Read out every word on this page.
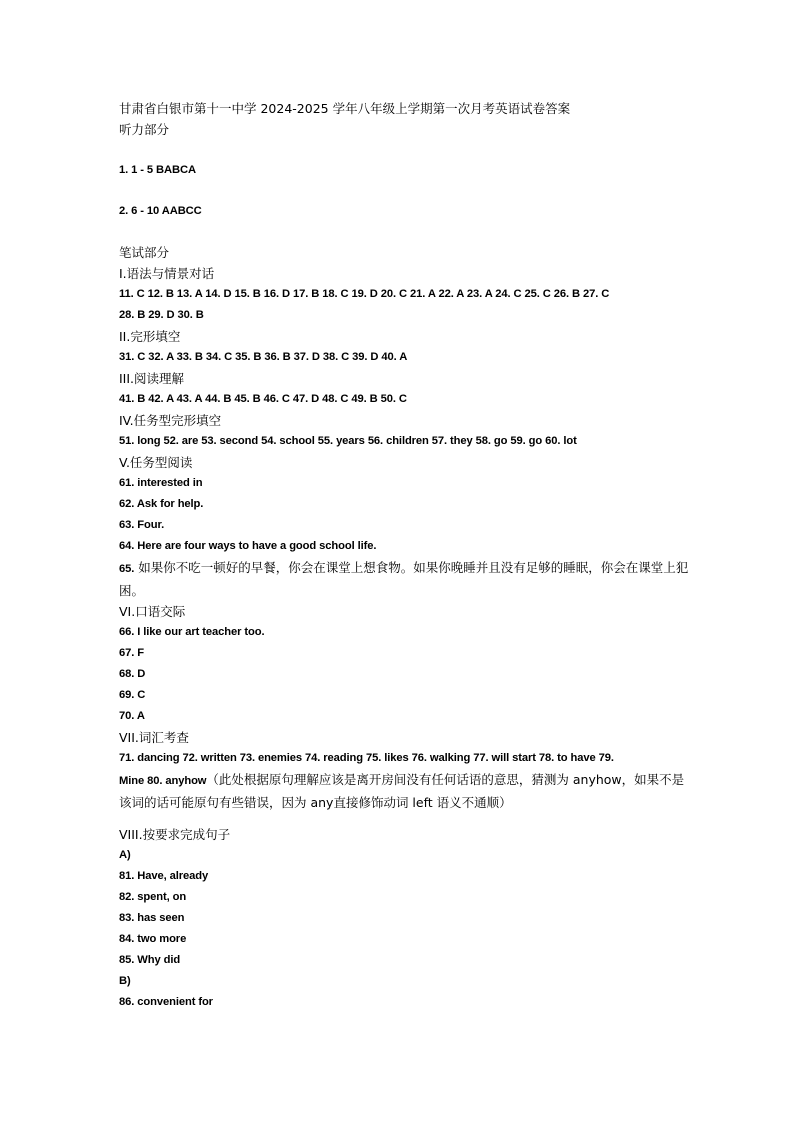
甘肃省白银市第十一中学 2024-2025 学年八年级上学期第一次月考英语试卷答案
听力部分
1. 1 - 5 BABCA
2. 6 - 10 AABCC
笔试部分
I.语法与情景对话
11. C 12. B 13. A 14. D 15. B 16. D 17. B 18. C 19. D 20. C 21. A 22. A 23. A 24. C 25. C 26. B 27. C
28. B 29. D 30. B
II.完形填空
31. C 32. A 33. B 34. C 35. B 36. B 37. D 38. C 39. D 40. A
III.阅读理解
41. B 42. A 43. A 44. B 45. B 46. C 47. D 48. C 49. B 50. C
IV.任务型完形填空
51. long 52. are 53. second 54. school 55. years 56. children 57. they 58. go 59. go 60. lot
V.任务型阅读
61. interested in
62. Ask for help.
63. Four.
64. Here are four ways to have a good school life.
65. 如果你不吃一顿好的早餐，你会在课堂上想食物。如果你晚睡并且没有足够的睡眠，你会在课堂上犯困。
VI.口语交际
66. I like our art teacher too.
67. F
68. D
69. C
70. A
VII.词汇考查
71. dancing 72. written 73. enemies 74. reading 75. likes 76. walking 77. will start 78. to have 79.
Mine 80. anyhow（此处根据原句理解应该是离开房间没有任何话语的意思，猜测为 anyhow，如果不是该词的话可能原句有些错误，因为 any直接修饰动词 left 语义不通顺）
VIII.按要求完成句子
A)
81. Have, already
82. spent, on
83. has seen
84. two more
85. Why did
B)
86. convenient for
